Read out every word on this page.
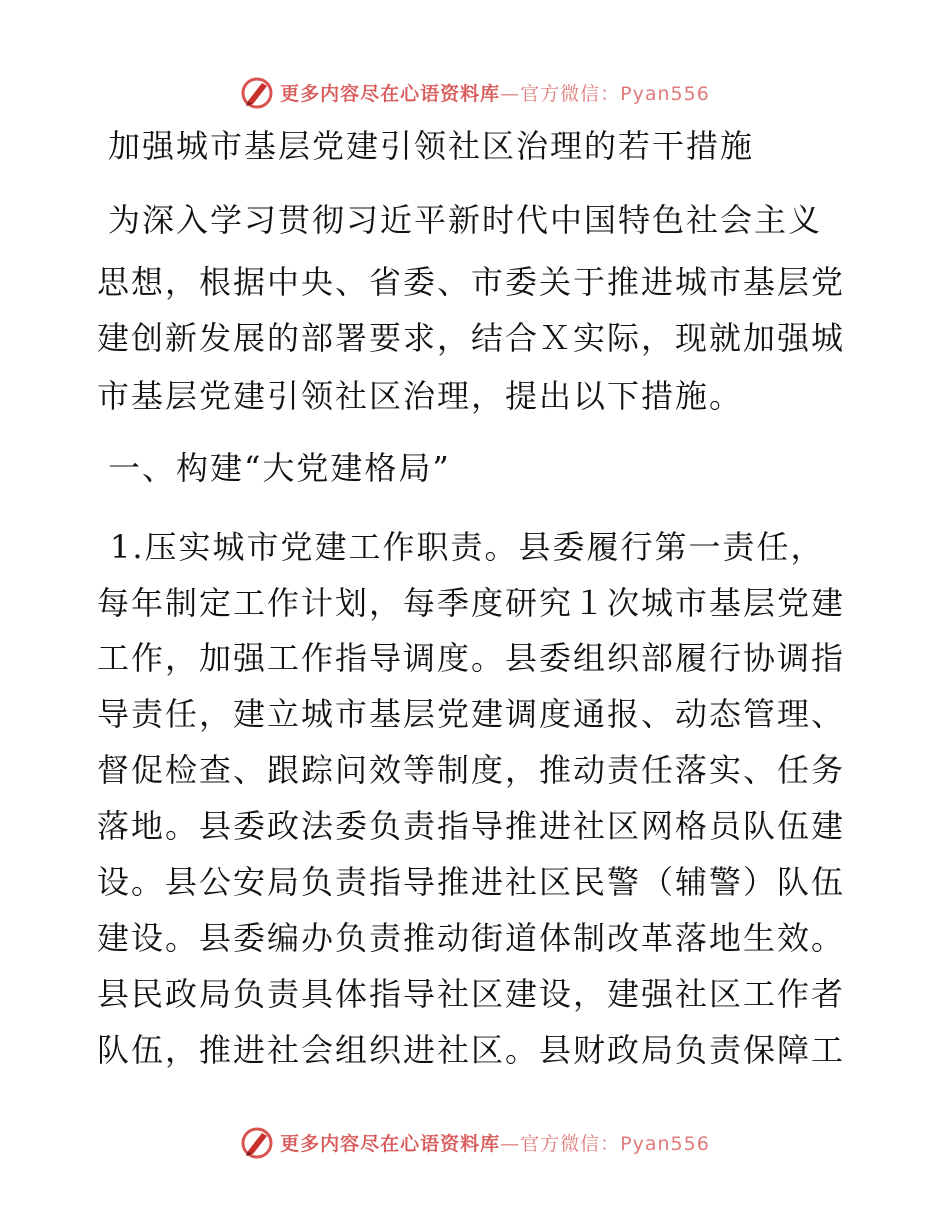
更多内容尽在心语资料库—官方微信：Pyan556

加强城市基层党建引领社区治理的若干措施

为深入学习贯彻习近平新时代中国特色社会主义

思想，根据中央、省委、市委关于推进城市基层党

建创新发展的部署要求，结合Ｘ实际，现就加强城

市基层党建引领社区治理，提出以下措施。

一、构建“大党建格局”

1.压实城市党建工作职责。县委履行第一责任，

每年制定工作计划，每季度研究１次城市基层党建

工作，加强工作指导调度。县委组织部履行协调指

导责任，建立城市基层党建调度通报、动态管理、

督促检查、跟踪问效等制度，推动责任落实、任务

落地。县委政法委负责指导推进社区网格员队伍建

设。县公安局负责指导推进社区民警（辅警）队伍

建设。县委编办负责推动街道体制改革落地生效。

县民政局负责具体指导社区建设，建强社区工作者

队伍，推进社会组织进社区。县财政局负责保障工

更多内容尽在心语资料库—官方微信：Pyan556
